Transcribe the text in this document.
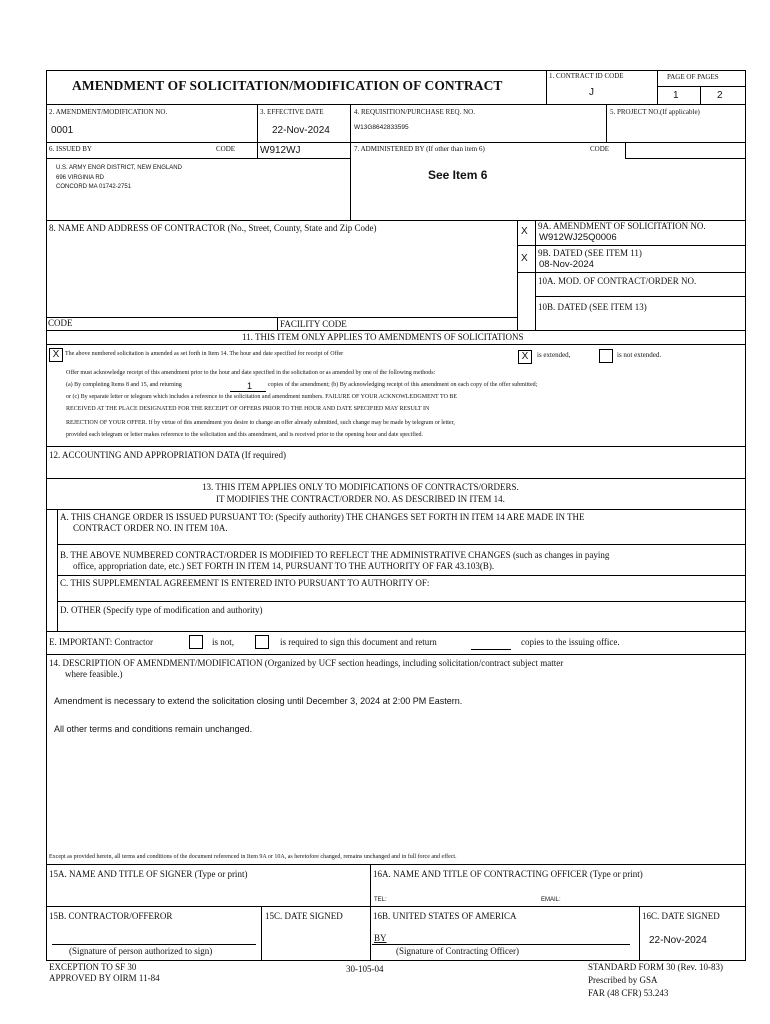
AMENDMENT OF SOLICITATION/MODIFICATION OF CONTRACT
1. CONTRACT ID CODE
J
PAGE OF PAGES
1	2
2. AMENDMENT/MODIFICATION NO.
0001
3. EFFECTIVE DATE
22-Nov-2024
4. REQUISITION/PURCHASE REQ. NO.
W13G8642833595
5. PROJECT NO.(If applicable)
6. ISSUED BY	CODE W912WJ	7. ADMINISTERED BY (If other than item 6)	CODE
U.S. ARMY ENGR DISTRICT, NEW ENGLAND
696 VIRGINIA RD
CONCORD MA 01742-2751
See Item 6
8. NAME AND ADDRESS OF CONTRACTOR (No., Street, County, State and Zip Code)	X 9A. AMENDMENT OF SOLICITATION NO.
W912WJ25Q0006
X 9B. DATED (SEE ITEM 11)
08-Nov-2024
10A. MOD. OF CONTRACT/ORDER NO.
10B. DATED (SEE ITEM 13)
CODE	FACILITY CODE
11. THIS ITEM ONLY APPLIES TO AMENDMENTS OF SOLICITATIONS
X The above numbered solicitation is amended as set forth in Item 14. The hour and date specified for receipt of Offer	X	is extended,	is not extended.
Offer must acknowledge receipt of this amendment prior to the hour and date specified in the solicitation or as amended by one of the following methods:
(a) By completing Items 8 and 15, and returning	1	copies of the amendment; (b) By acknowledging receipt of this amendment on each copy of the offer submitted;
or (c) By separate letter or telegram which includes a reference to the solicitation and amendment numbers. FAILURE OF YOUR ACKNOWLEDGMENT TO BE
RECEIVED AT THE PLACE DESIGNATED FOR THE RECEIPT OF OFFERS PRIOR TO THE HOUR AND DATE SPECIFIED MAY RESULT IN
REJECTION OF YOUR OFFER. If by virtue of this amendment you desire to change an offer already submitted, such change may be made by telegram or letter,
provided each telegram or letter makes reference to the solicitation and this amendment, and is received prior to the opening hour and date specified.
12. ACCOUNTING AND APPROPRIATION DATA (If required)
13. THIS ITEM APPLIES ONLY TO MODIFICATIONS OF CONTRACTS/ORDERS.
IT MODIFIES THE CONTRACT/ORDER NO. AS DESCRIBED IN ITEM 14.
A. THIS CHANGE ORDER IS ISSUED PURSUANT TO: (Specify authority) THE CHANGES SET FORTH IN ITEM 14 ARE MADE IN THE
CONTRACT ORDER NO. IN ITEM 10A.
B. THE ABOVE NUMBERED CONTRACT/ORDER IS MODIFIED TO REFLECT THE ADMINISTRATIVE CHANGES (such as changes in paying
office, appropriation date, etc.) SET FORTH IN ITEM 14, PURSUANT TO THE AUTHORITY OF FAR 43.103(B).
C. THIS SUPPLEMENTAL AGREEMENT IS ENTERED INTO PURSUANT TO AUTHORITY OF:
D. OTHER (Specify type of modification and authority)
E. IMPORTANT: Contractor	is not,	is required to sign this document and return	copies to the issuing office.
14. DESCRIPTION OF AMENDMENT/MODIFICATION (Organized by UCF section headings, including solicitation/contract subject matter
where feasible.)
Amendment is necessary to extend the solicitation closing until December 3, 2024 at 2:00 PM Eastern.
All other terms and conditions remain unchanged.
Except as provided herein, all terms and conditions of the document referenced in Item 9A or 10A, as heretofore changed, remains unchanged and in full force and effect.
15A. NAME AND TITLE OF SIGNER (Type or print)	16A. NAME AND TITLE OF CONTRACTING OFFICER (Type or print)
TEL:	EMAIL:
15B. CONTRACTOR/OFFEROR	15C. DATE SIGNED	16B. UNITED STATES OF AMERICA	16C. DATE SIGNED
BY
(Signature of person authorized to sign)	(Signature of Contracting Officer)
22-Nov-2024
EXCEPTION TO SF 30
APPROVED BY OIRM 11-84
30-105-04	STANDARD FORM 30 (Rev. 10-83)
Prescribed by GSA
FAR (48 CFR) 53.243
